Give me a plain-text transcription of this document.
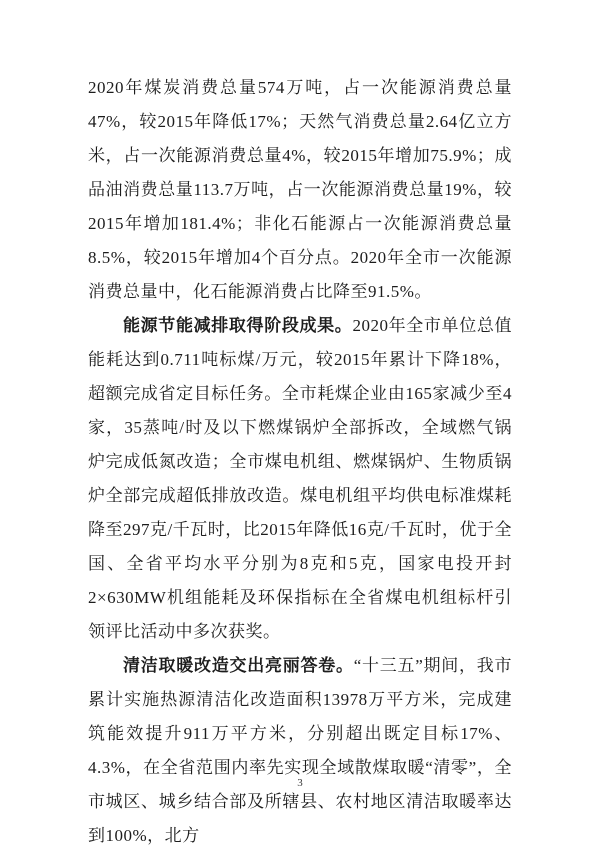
2020年煤炭消费总量574万吨，占一次能源消费总量47%，较2015年降低17%；天然气消费总量2.64亿立方米，占一次能源消费总量4%，较2015年增加75.9%；成品油消费总量113.7万吨，占一次能源消费总量19%，较2015年增加181.4%；非化石能源占一次能源消费总量8.5%，较2015年增加4个百分点。2020年全市一次能源消费总量中，化石能源消费占比降至91.5%。

能源节能减排取得阶段成果。2020年全市单位总值能耗达到0.711吨标煤/万元，较2015年累计下降18%，超额完成省定目标任务。全市耗煤企业由165家减少至4家，35蒸吨/时及以下燃煤锅炉全部拆改，全域燃气锅炉完成低氮改造；全市煤电机组、燃煤锅炉、生物质锅炉全部完成超低排放改造。煤电机组平均供电标准煤耗降至297克/千瓦时，比2015年降低16克/千瓦时，优于全国、全省平均水平分别为8克和5克，国家电投开封2×630MW机组能耗及环保指标在全省煤电机组标杆引领评比活动中多次获奖。

清洁取暖改造交出亮丽答卷。“十三五”期间，我市累计实施热源清洁化改造面积13978万平方米，完成建筑能效提升911万平方米，分别超出既定目标17%、4.3%，在全省范围内率先实现全域散煤取暖“清零”，全市城区、城乡结合部及所辖县、农村地区清洁取暖率达到100%，北方

3
